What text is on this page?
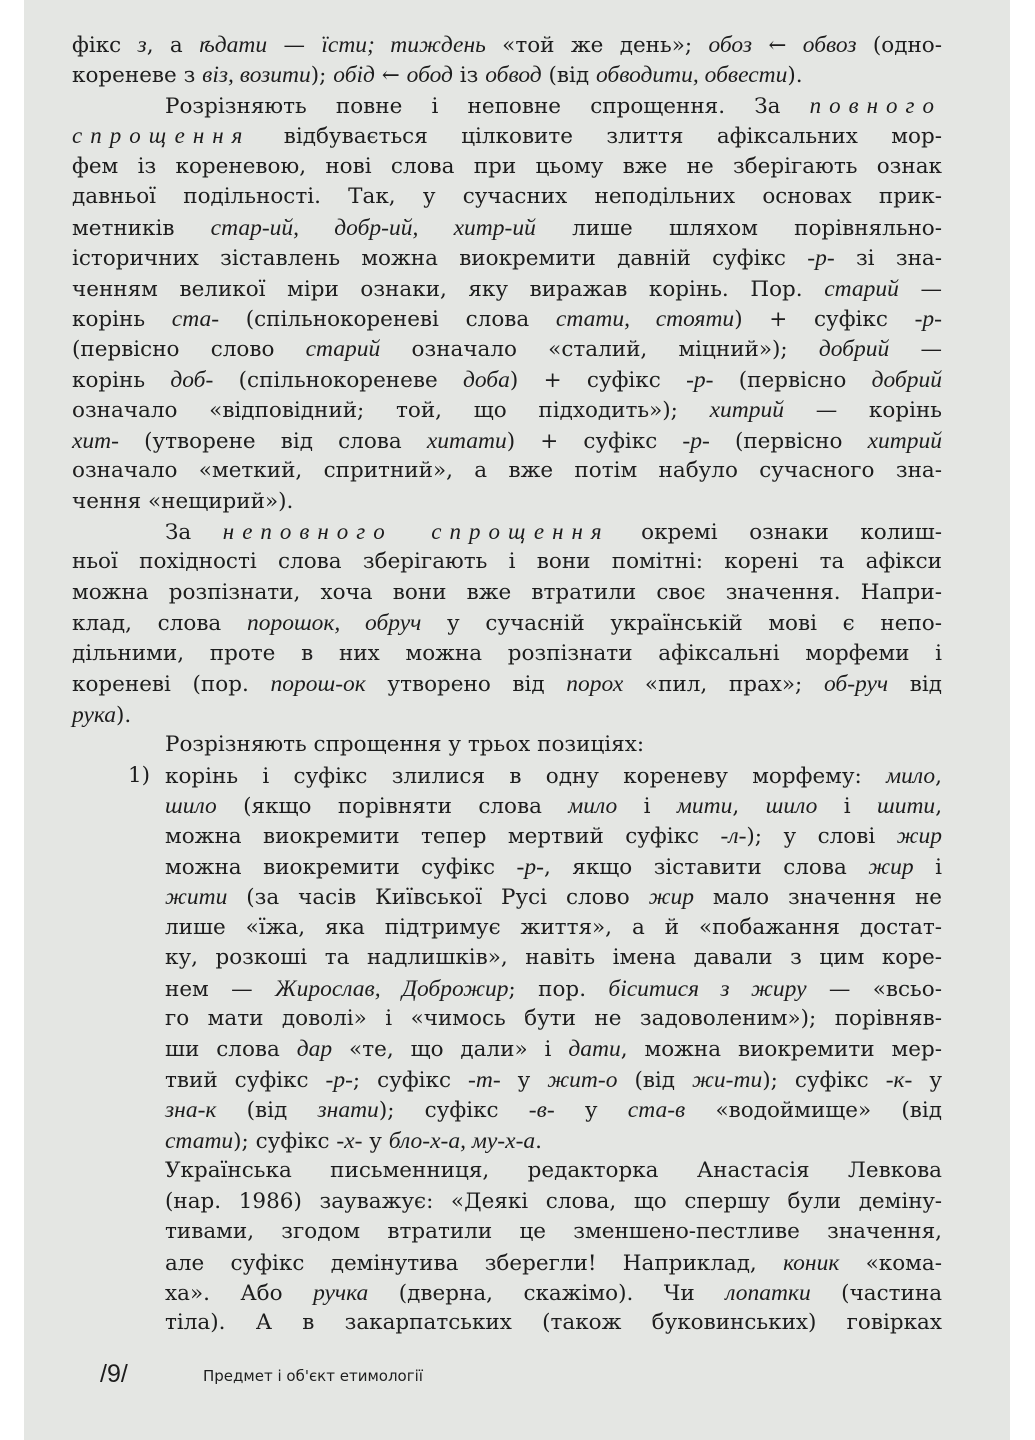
фікс з, а ѣдати — їсти; тиждень «той же день»; обоз ← обвоз (одно-
кореневе з віз, возити); обід ← обод із обвод (від обводити, обвести).
Розрізняють повне і неповне спрощення. За повного
спрощення відбувається цілковите злиття афіксальних мор-
фем із кореневою, нові слова при цьому вже не зберігають ознак
давньої подільності. Так, у сучасних неподільних основах прик-
метників стар-ий, добр-ий, хитр-ий лише шляхом порівняльно-
історичних зіставлень можна виокремити давній суфікс -р- зі зна-
ченням великої міри ознаки, яку виражав корінь. Пор. старий —
корінь ста- (спільнокореневі слова стати, стояти) + суфікс -р-
(первісно слово старий означало «сталий, міцний»); добрий —
корінь доб- (спільнокореневе доба) + суфікс -р- (первісно добрий
означало «відповідний; той, що підходить»); хитрий — корінь
хит- (утворене від слова хитати) + суфікс -р- (первісно хитрий
означало «меткий, спритний», а вже потім набуло сучасного зна-
чення «нещирий»).
За неповного спрощення окремі ознаки колиш-
ньої похідності слова зберігають і вони помітні: корені та афікси
можна розпізнати, хоча вони вже втратили своє значення. Напри-
клад, слова порошок, обруч у сучасній українській мові є непо-
дільними, проте в них можна розпізнати афіксальні морфеми і
кореневі (пор. порош-ок утворено від порох «пил, прах»; об-руч від
рука).
Розрізняють спрощення у трьох позиціях:
1) корінь і суфікс злилися в одну кореневу морфему: мило,
шило (якщо порівняти слова мило і мити, шило і шити,
можна виокремити тепер мертвий суфікс -л-); у слові жир
можна виокремити суфікс -р-, якщо зіставити слова жир і
жити (за часів Київської Русі слово жир мало значення не
лише «їжа, яка підтримує життя», а й «побажання достат-
ку, розкоші та надлишків», навіть імена давали з цим коре-
нем — Жирослав, Доброжир; пор. біситися з жиру — «всьо-
го мати доволі» і «чимось бути не задоволеним»); порівняв-
ши слова дар «те, що дали» і дати, можна виокремити мер-
твий суфікс -р-; суфікс -т- у жит-о (від жи-ти); суфікс -к- у
зна-к (від знати); суфікс -в- у ста-в «водоймище» (від
стати); суфікс -х- у бло-х-а, му-х-а.
Українська письменниця, редакторка Анастасія Левкова
(нар. 1986) зауважує: «Деякі слова, що спершу були демінy-
тивами, згодом втратили це зменшено-пестливе значення,
але суфікс демінутива зберегли! Наприклад, коник «кома-
ха». Або ручка (дверна, скажімо). Чи лопатки (частина
тіла). А в закарпатських (також буковинських) говірках
/9/	Предмет і об'єкт етимології
